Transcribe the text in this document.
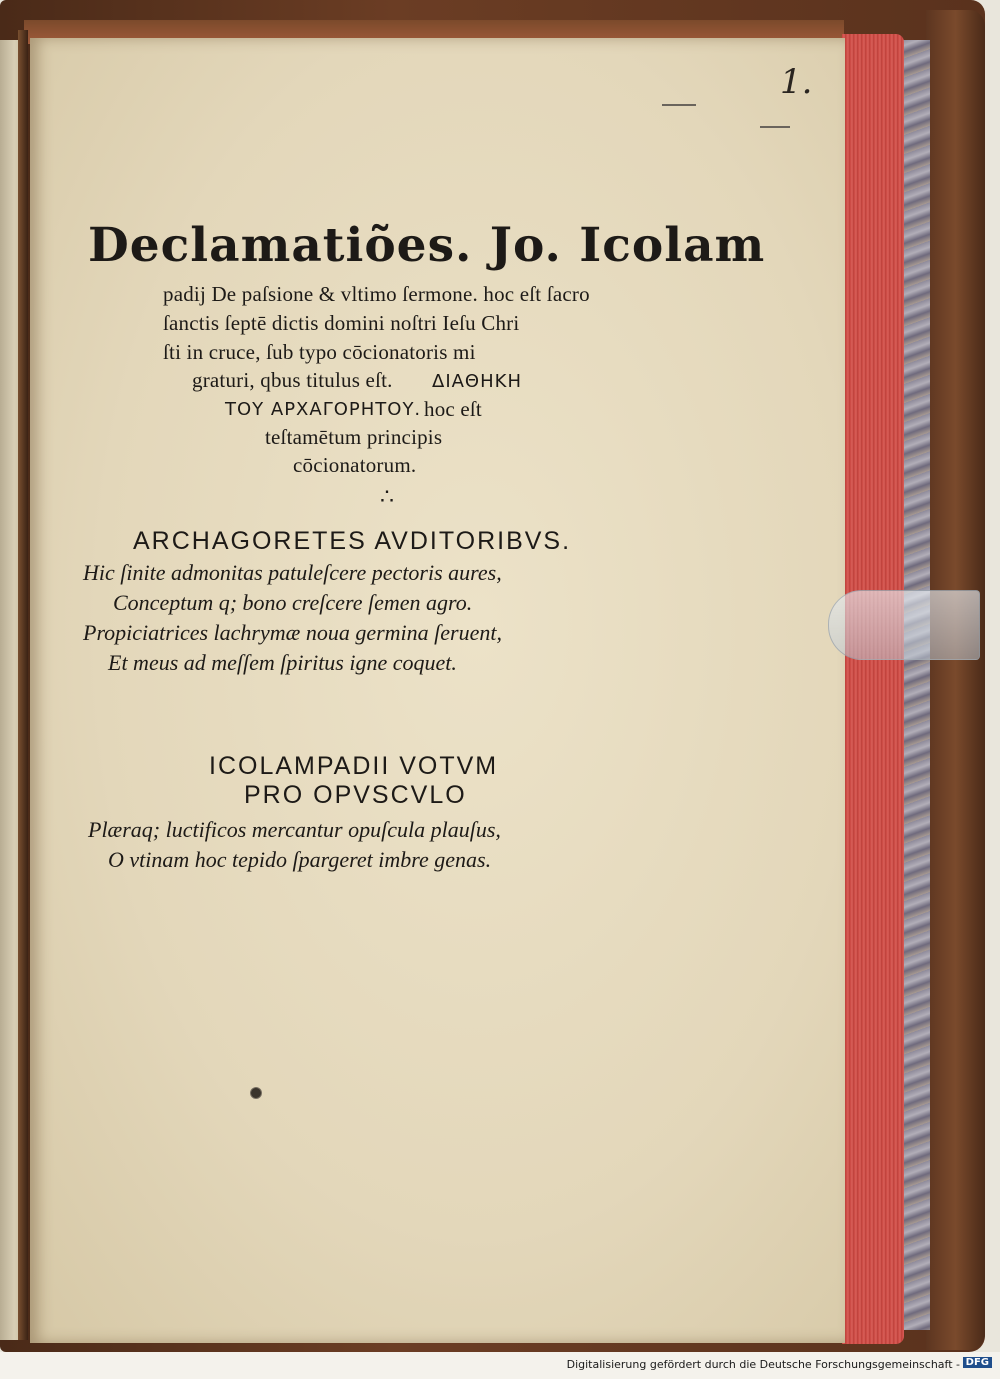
1.
Declamatiões. Jo. Icolam
padij De paſsione & vltimo ſermone. hoc eſt ſacro
ſanctis ſeptē dictis domini noſtri Ieſu Chri
ſti in cruce, ſub typo cōcionatoris mi
graturi, qbus titulus eſt. ΔΙΑΘΗΚΗ
ΤΟΥ ΑΡΧΑΓΟΡΗΤΟΥ. hoc eſt
teſtamētum principis
cōcionatorum.
∴
ARCHAGORETES AVDITORIBVS.
Hic ſinite admonitas patuleſcere pectoris aures,
Conceptum q; bono creſcere ſemen agro.
Propiciatrices lachrymæ noua germina ſeruent,
Et meus ad meſſem ſpiritus igne coquet.
ICOLAMPADII VOTVM
PRO OPVSCVLO
Plæraq; luctificos mercantur opuſcula plauſus,
O vtinam hoc tepido ſpargeret imbre genas.
Digitalisierung gefördert durch die Deutsche Forschungsgemeinschaft - DFG
